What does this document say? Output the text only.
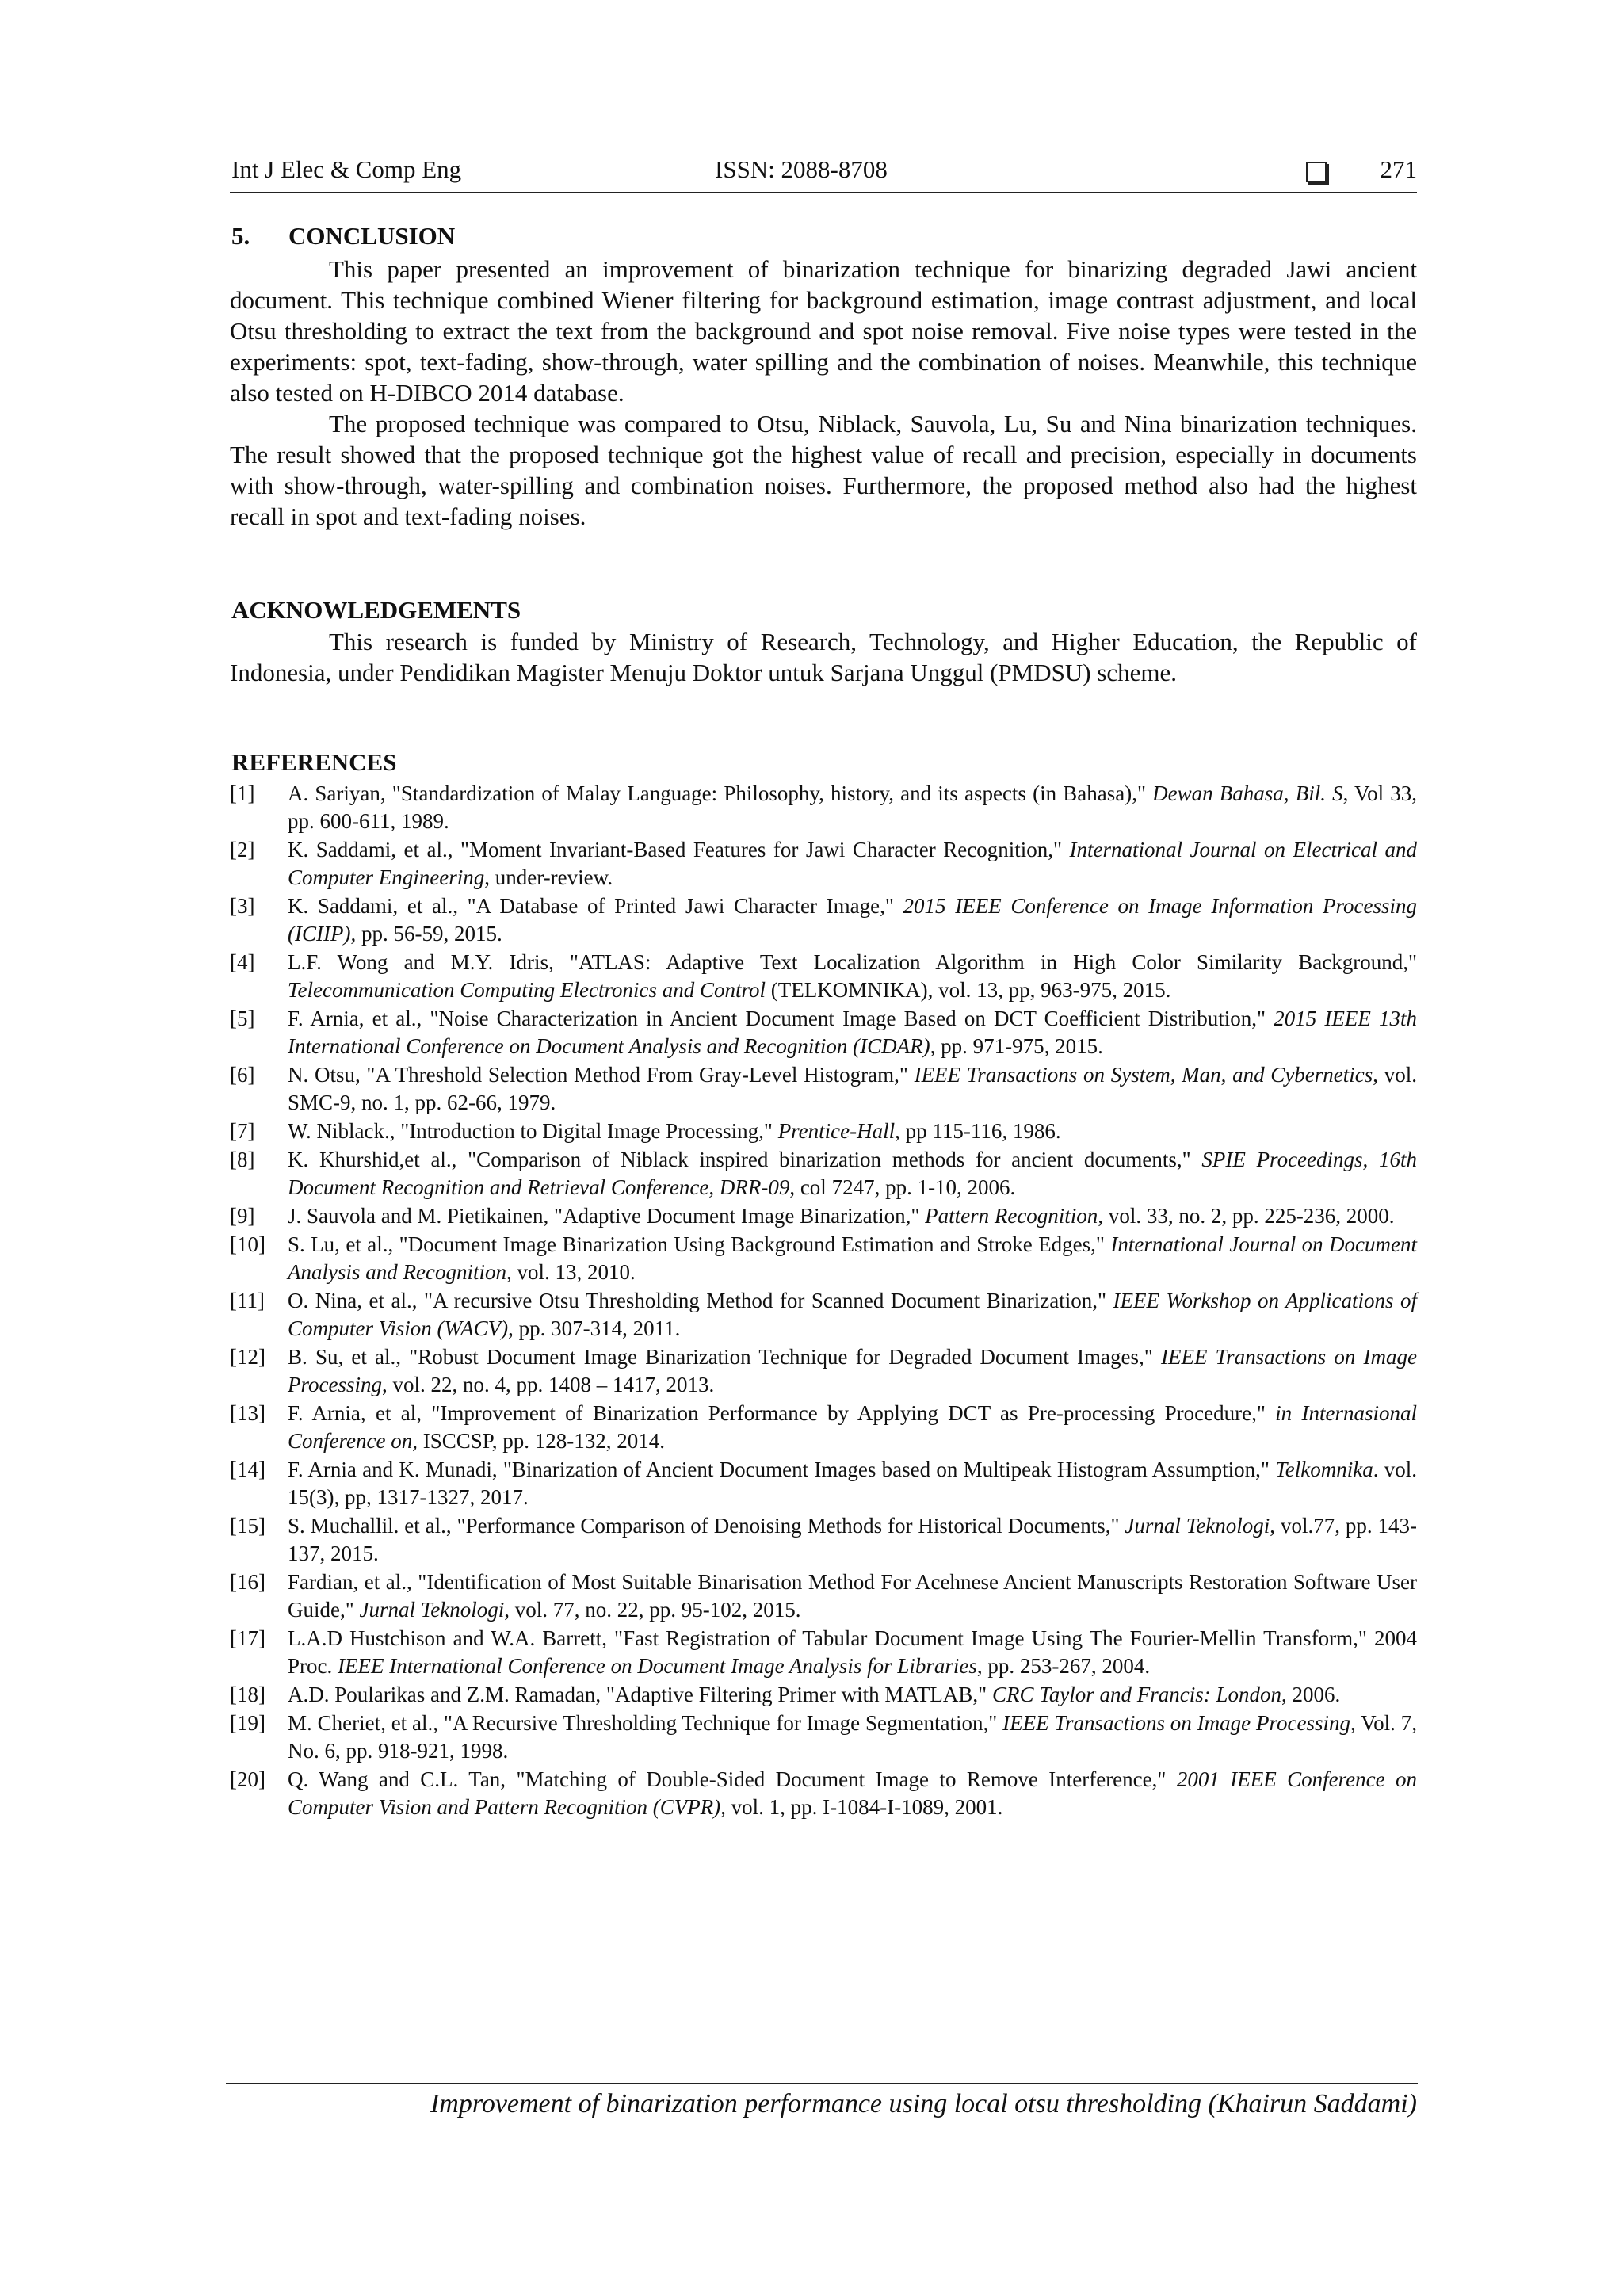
Int J Elec & Comp Eng	ISSN: 2088-8708	271
5. CONCLUSION

This paper presented an improvement of binarization technique for binarizing degraded Jawi ancient document. This technique combined Wiener filtering for background estimation, image contrast adjustment, and local Otsu thresholding to extract the text from the background and spot noise removal. Five noise types were tested in the experiments: spot, text-fading, show-through, water spilling and the combination of noises. Meanwhile, this technique also tested on H-DIBCO 2014 database.

The proposed technique was compared to Otsu, Niblack, Sauvola, Lu, Su and Nina binarization techniques. The result showed that the proposed technique got the highest value of recall and precision, especially in documents with show-through, water-spilling and combination noises. Furthermore, the proposed method also had the highest recall in spot and text-fading noises.

ACKNOWLEDGEMENTS

This research is funded by Ministry of Research, Technology, and Higher Education, the Republic of Indonesia, under Pendidikan Magister Menuju Doktor untuk Sarjana Unggul (PMDSU) scheme.

REFERENCES
[1] A. Sariyan, "Standardization of Malay Language: Philosophy, history, and its aspects (in Bahasa)," Dewan Bahasa, Bil. S, Vol 33, pp. 600-611, 1989.
[2] K. Saddami, et al., "Moment Invariant-Based Features for Jawi Character Recognition," International Journal on Electrical and Computer Engineering, under-review.
[3] K. Saddami, et al., "A Database of Printed Jawi Character Image," 2015 IEEE Conference on Image Information Processing (ICIIP), pp. 56-59, 2015.
[4] L.F. Wong and M.Y. Idris, "ATLAS: Adaptive Text Localization Algorithm in High Color Similarity Background," Telecommunication Computing Electronics and Control (TELKOMNIKA), vol. 13, pp, 963-975, 2015.
[5] F. Arnia, et al., "Noise Characterization in Ancient Document Image Based on DCT Coefficient Distribution," 2015 IEEE 13th International Conference on Document Analysis and Recognition (ICDAR), pp. 971-975, 2015.
[6] N. Otsu, "A Threshold Selection Method From Gray-Level Histogram," IEEE Transactions on System, Man, and Cybernetics, vol. SMC-9, no. 1, pp. 62-66, 1979.
[7] W. Niblack., "Introduction to Digital Image Processing," Prentice-Hall, pp 115-116, 1986.
[8] K. Khurshid,et al., "Comparison of Niblack inspired binarization methods for ancient documents," SPIE Proceedings, 16th Document Recognition and Retrieval Conference, DRR-09, col 7247, pp. 1-10, 2006.
[9] J. Sauvola and M. Pietikainen, "Adaptive Document Image Binarization," Pattern Recognition, vol. 33, no. 2, pp. 225-236, 2000.
[10] S. Lu, et al., "Document Image Binarization Using Background Estimation and Stroke Edges," International Journal on Document Analysis and Recognition, vol. 13, 2010.
[11] O. Nina, et al., "A recursive Otsu Thresholding Method for Scanned Document Binarization," IEEE Workshop on Applications of Computer Vision (WACV), pp. 307-314, 2011.
[12] B. Su, et al., "Robust Document Image Binarization Technique for Degraded Document Images," IEEE Transactions on Image Processing, vol. 22, no. 4, pp. 1408 – 1417, 2013.
[13] F. Arnia, et al, "Improvement of Binarization Performance by Applying DCT as Pre-processing Procedure," in Internasional Conference on, ISCCSP, pp. 128-132, 2014.
[14] F. Arnia and K. Munadi, "Binarization of Ancient Document Images based on Multipeak Histogram Assumption," Telkomnika. vol. 15(3), pp, 1317-1327, 2017.
[15] S. Muchallil. et al., "Performance Comparison of Denoising Methods for Historical Documents," Jurnal Teknologi, vol.77, pp. 143-137, 2015.
[16] Fardian, et al., "Identification of Most Suitable Binarisation Method For Acehnese Ancient Manuscripts Restoration Software User Guide," Jurnal Teknologi, vol. 77, no. 22, pp. 95-102, 2015.
[17] L.A.D Hustchison and W.A. Barrett, "Fast Registration of Tabular Document Image Using The Fourier-Mellin Transform," 2004 Proc. IEEE International Conference on Document Image Analysis for Libraries, pp. 253-267, 2004.
[18] A.D. Poularikas and Z.M. Ramadan, "Adaptive Filtering Primer with MATLAB," CRC Taylor and Francis: London, 2006.
[19] M. Cheriet, et al., "A Recursive Thresholding Technique for Image Segmentation," IEEE Transactions on Image Processing, Vol. 7, No. 6, pp. 918-921, 1998.
[20] Q. Wang and C.L. Tan, "Matching of Double-Sided Document Image to Remove Interference," 2001 IEEE Conference on Computer Vision and Pattern Recognition (CVPR), vol. 1, pp. I-1084-I-1089, 2001.
Improvement of binarization performance using local otsu thresholding (Khairun Saddami)
